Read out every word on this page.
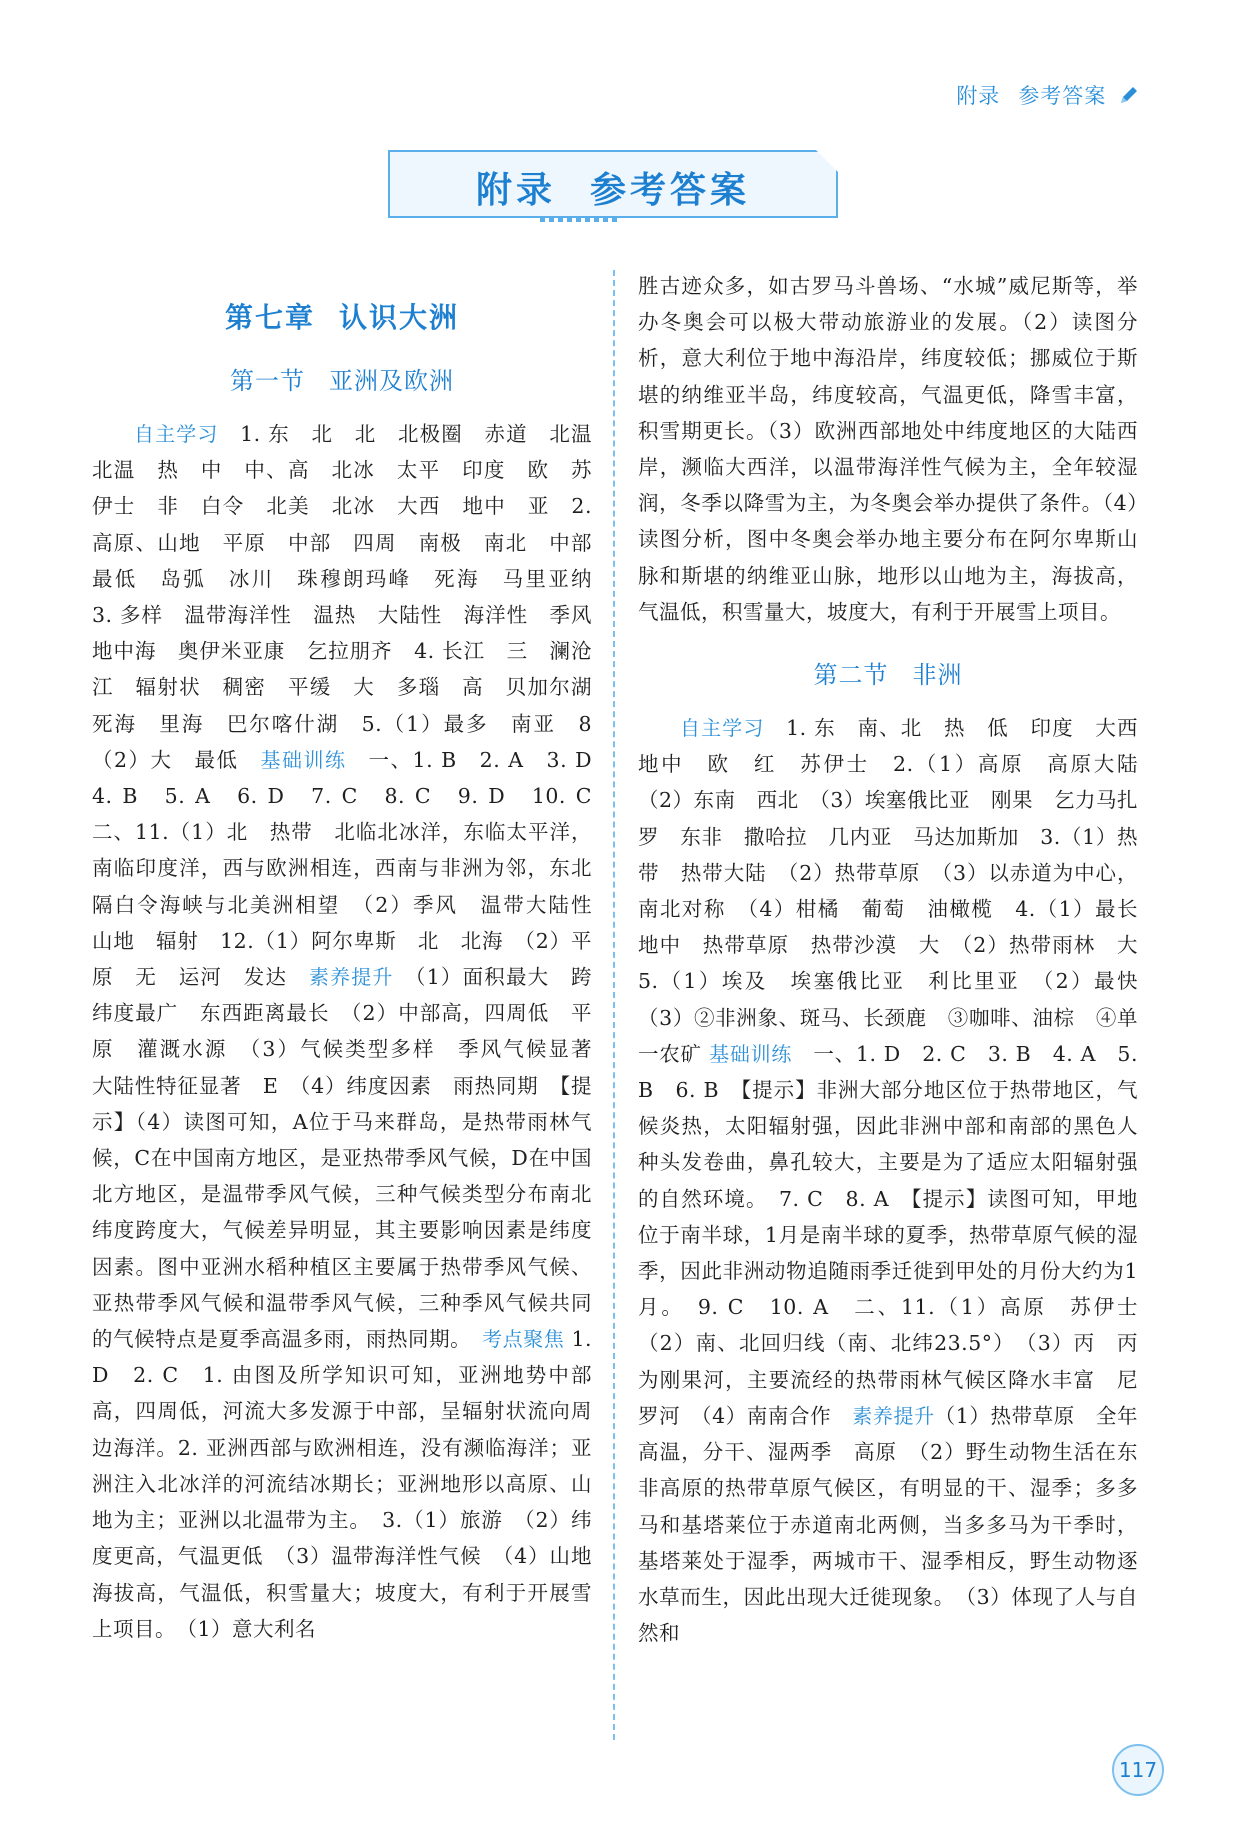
附录 参考答案
附录 参考答案
第七章 认识大洲
第一节 亚洲及欧洲

自主学习　 1. 东　北　北　北极圈　赤道　北温　北温　热　中　中、高　北冰　太平　印度　欧　苏伊士　非　白令　北美　北冰　大西　地中　亚　2. 高原、山地　平原　中部　四周　南极　南北　中部　最低　岛弧　冰川　珠穆朗玛峰　死海　马里亚纳　3. 多样　温带海洋性　温热　大陆性　海洋性　季风　地中海　奥伊米亚康　乞拉朋齐　4. 长江　三　澜沧江　辐射状　稠密　平缓　大　多瑙　高　贝加尔湖　死海　里海　巴尔喀什湖　5.（1）最多　南亚　8　（2）大　最低　 基础训练　 一、1. B　2. A　3. D　4. B　5. A　6. D　7. C　8. C　9. D　10. C　二、11.（1）北　热带　北临北冰洋，东临太平洋，南临印度洋，西与欧洲相连，西南与非洲为邻，东北隔白令海峡与北美洲相望　（2）季风　温带大陆性　山地　辐射　12.（1）阿尔卑斯　北　北海　（2）平原　无　运河　发达　 素养提升　 （1）面积最大　跨纬度最广　东西距离最长　（2）中部高，四周低　平原　灌溉水源　（3）气候类型多样　季风气候显著　大陆性特征显著　E　（4）纬度因素　雨热同期　【提示】（4）读图可知，A位于马来群岛，是热带雨林气候，C在中国南方地区，是亚热带季风气候，D在中国北方地区，是温带季风气候，三种气候类型分布南北纬度跨度大，气候差异明显，其主要影响因素是纬度因素。图中亚洲水稻种植区主要属于热带季风气候、亚热带季风气候和温带季风气候，三种季风气候共同的气候特点是夏季高温多雨，雨热同期。　 考点聚焦 1. D　2. C　1. 由图及所学知识可知，亚洲地势中部高，四周低，河流大多发源于中部，呈辐射状流向周边海洋。2. 亚洲西部与欧洲相连，没有濒临海洋；亚洲注入北冰洋的河流结冰期长；亚洲地形以高原、山地为主；亚洲以北温带为主。　3.（1）旅游　（2）纬度更高，气温更低　（3）温带海洋性气候　（4）山地　海拔高，气温低，积雪量大；坡度大，有利于开展雪上项目。　（1）意大利名

胜古迹众多，如古罗马斗兽场、“水城”威尼斯等，举办冬奥会可以极大带动旅游业的发展。（2）读图分析，意大利位于地中海沿岸，纬度较低；挪威位于斯堪的纳维亚半岛，纬度较高，气温更低，降雪丰富，积雪期更长。（3）欧洲西部地处中纬度地区的大陆西岸，濒临大西洋，以温带海洋性气候为主，全年较湿润，冬季以降雪为主，为冬奥会举办提供了条件。（4）读图分析，图中冬奥会举办地主要分布在阿尔卑斯山脉和斯堪的纳维亚山脉，地形以山地为主，海拔高，气温低，积雪量大，坡度大，有利于开展雪上项目。

第二节 非洲

自主学习　 1. 东　南、北　热　低　印度　大西　地中　欧　红　苏伊士　2.（1）高原　高原大陆　（2）东南　西北　（3）埃塞俄比亚　刚果　乞力马扎罗　东非　撒哈拉　几内亚　马达加斯加　3.（1）热带　热带大陆　（2）热带草原　（3）以赤道为中心，南北对称　（4）柑橘　葡萄　油橄榄　4.（1）最长　地中　热带草原　热带沙漠　大　（2）热带雨林　大　5.（1）埃及　埃塞俄比亚　利比里亚　（2）最快　（3）②非洲象、斑马、长颈鹿　③咖啡、油棕　④单一农矿 基础训练　 一、1. D　2. C　3. B　4. A　5. B　6. B　【提示】非洲大部分地区位于热带地区，气候炎热，太阳辐射强，因此非洲中部和南部的黑色人种头发卷曲，鼻孔较大，主要是为了适应太阳辐射强的自然环境。　7. C　8. A　【提示】读图可知，甲地位于南半球，1月是南半球的夏季，热带草原气候的湿季，因此非洲动物追随雨季迁徙到甲处的月份大约为1月。　9. C　10. A　二、11.（1）高原　苏伊士　（2）南、北回归线（南、北纬23.5°）　（3）丙　丙为刚果河，主要流经的热带雨林气候区降水丰富　尼罗河　（4）南南合作　 素养提升（1）热带草原　全年高温，分干、湿两季　高原　（2）野生动物生活在东非高原的热带草原气候区，有明显的干、湿季；多多马和基塔莱位于赤道南北两侧，当多多马为干季时，基塔莱处于湿季，两城市干、湿季相反，野生动物逐水草而生，因此出现大迁徙现象。　（3）体现了人与自然和

117
